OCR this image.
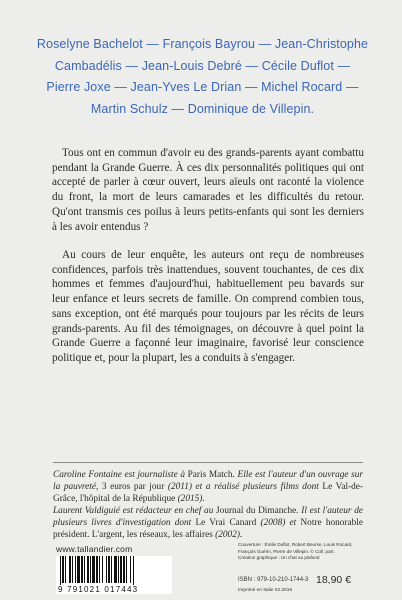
Roselyne Bachelot — François Bayrou — Jean-Christophe
Cambadélis — Jean-Louis Debré — Cécile Duflot —
Pierre Joxe — Jean-Yves Le Drian — Michel Rocard —
Martin Schulz — Dominique de Villepin.

Tous ont en commun d'avoir eu des grands-parents ayant combattu pendant la Grande Guerre. À ces dix personnalités politiques qui ont accepté de parler à cœur ouvert, leurs aïeuls ont raconté la violence du front, la mort de leurs camarades et les difficultés du retour. Qu'ont transmis ces poilus à leurs petits-enfants qui sont les derniers à les avoir entendus ?

Au cours de leur enquête, les auteurs ont reçu de nombreuses confidences, parfois très inattendues, souvent touchantes, de ces dix hommes et femmes d'aujourd'hui, habituellement peu bavards sur leur enfance et leurs secrets de famille. On comprend combien tous, sans exception, ont été marqués pour toujours par les récits de leurs grands-parents. Au fil des témoignages, on découvre à quel point la Grande Guerre a façonné leur imaginaire, favorisé leur conscience politique et, pour la plupart, les a conduits à s'engager.

Caroline Fontaine est journaliste à Paris Match. Elle est l'auteur d'un ouvrage sur la pauvreté, 3 euros par jour (2011) et a réalisé plusieurs films dont Le Val-de-Grâce, l'hôpital de la République (2015).

Laurent Valdiguié est rédacteur en chef au Journal du Dimanche. Il est l'auteur de plusieurs livres d'investigation dont Le Vrai Canard (2008) et Notre honorable président. L'argent, les réseaux, les affaires (2002).

www.tallandier.com
9 791021 017443
Couverture : Émile Duflot, Robert Beurse, Louis Rocard, François Guérin, Pierre de Villepin. © Coll. part.
Création graphique : Un chat au plafond
ISBN : 979-10-210-1744-3
Imprimé en Italie 02.2016
18,90 €
